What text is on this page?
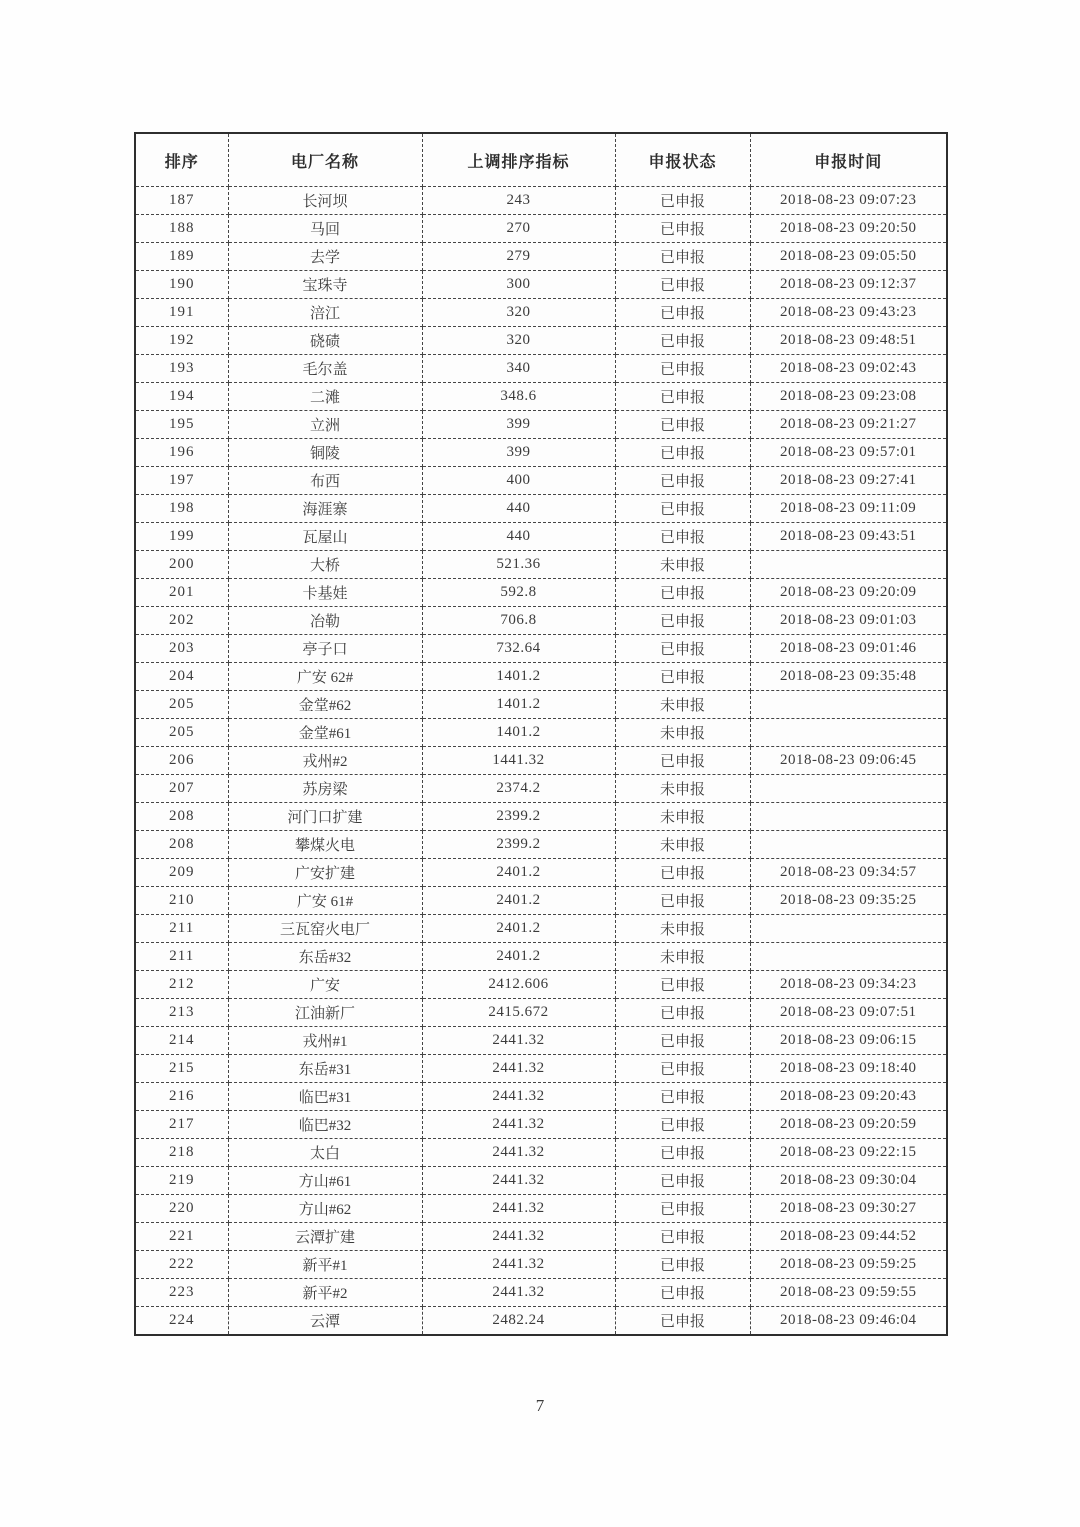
排序	电厂名称	上调排序指标	申报状态	申报时间
187	长河坝	243	已申报	2018-08-23 09:07:23
188	马回	270	已申报	2018-08-23 09:20:50
189	去学	279	已申报	2018-08-23 09:05:50
190	宝珠寺	300	已申报	2018-08-23 09:12:37
191	涪江	320	已申报	2018-08-23 09:43:23
192	硗碛	320	已申报	2018-08-23 09:48:51
193	毛尔盖	340	已申报	2018-08-23 09:02:43
194	二滩	348.6	已申报	2018-08-23 09:23:08
195	立洲	399	已申报	2018-08-23 09:21:27
196	铜陵	399	已申报	2018-08-23 09:57:01
197	布西	400	已申报	2018-08-23 09:27:41
198	海涯寨	440	已申报	2018-08-23 09:11:09
199	瓦屋山	440	已申报	2018-08-23 09:43:51
200	大桥	521.36	未申报	
201	卡基娃	592.8	已申报	2018-08-23 09:20:09
202	冶勒	706.8	已申报	2018-08-23 09:01:03
203	亭子口	732.64	已申报	2018-08-23 09:01:46
204	广安 62#	1401.2	已申报	2018-08-23 09:35:48
205	金堂#62	1401.2	未申报	
205	金堂#61	1401.2	未申报	
206	戎州#2	1441.32	已申报	2018-08-23 09:06:45
207	苏房梁	2374.2	未申报	
208	河门口扩建	2399.2	未申报	
208	攀煤火电	2399.2	未申报	
209	广安扩建	2401.2	已申报	2018-08-23 09:34:57
210	广安 61#	2401.2	已申报	2018-08-23 09:35:25
211	三瓦窑火电厂	2401.2	未申报	
211	东岳#32	2401.2	未申报	
212	广安	2412.606	已申报	2018-08-23 09:34:23
213	江油新厂	2415.672	已申报	2018-08-23 09:07:51
214	戎州#1	2441.32	已申报	2018-08-23 09:06:15
215	东岳#31	2441.32	已申报	2018-08-23 09:18:40
216	临巴#31	2441.32	已申报	2018-08-23 09:20:43
217	临巴#32	2441.32	已申报	2018-08-23 09:20:59
218	太白	2441.32	已申报	2018-08-23 09:22:15
219	方山#61	2441.32	已申报	2018-08-23 09:30:04
220	方山#62	2441.32	已申报	2018-08-23 09:30:27
221	云潭扩建	2441.32	已申报	2018-08-23 09:44:52
222	新平#1	2441.32	已申报	2018-08-23 09:59:25
223	新平#2	2441.32	已申报	2018-08-23 09:59:55
224	云潭	2482.24	已申报	2018-08-23 09:46:04
7
